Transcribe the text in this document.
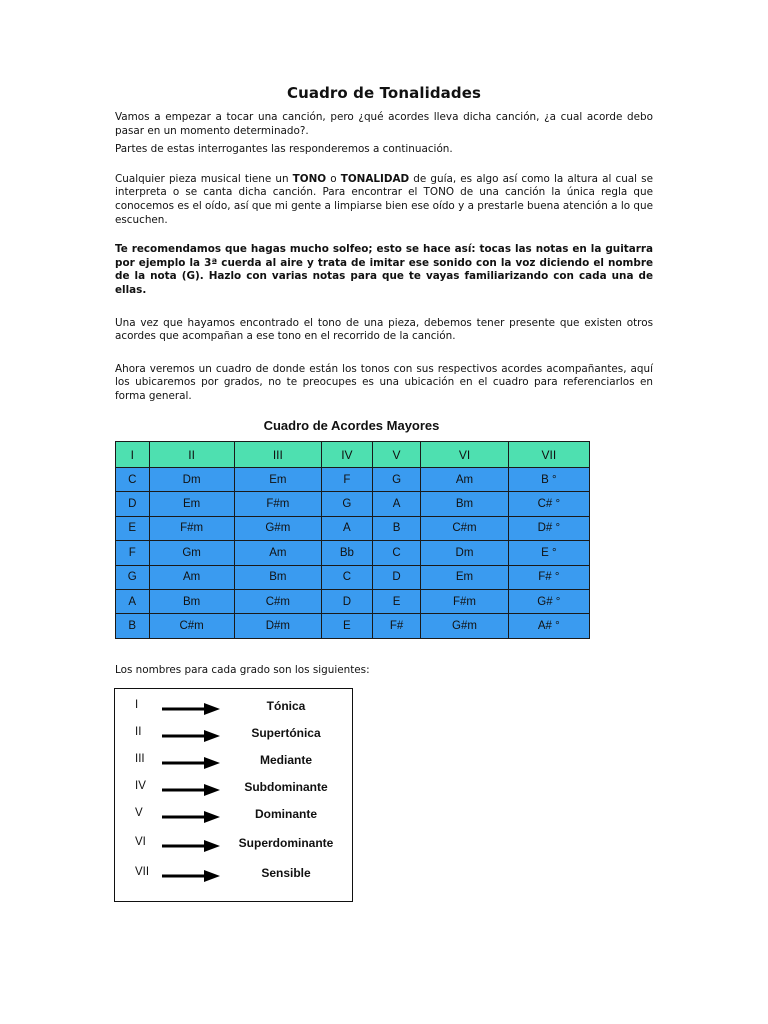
Cuadro de Tonalidades

Vamos a empezar a tocar una canción, pero ¿qué acordes lleva dicha canción, ¿a cual acorde debo pasar en un momento determinado?.

Partes de estas interrogantes las responderemos a continuación.

Cualquier pieza musical tiene un TONO o TONALIDAD de guía, es algo así como la altura al cual se interpreta o se canta dicha canción. Para encontrar el TONO de una canción la única regla que conocemos es el oído, así que mi gente a limpiarse bien ese oído y a prestarle buena atención a lo que escuchen.

Te recomendamos que hagas mucho solfeo; esto se hace así: tocas las notas en la guitarra por ejemplo la 3ª cuerda al aire y trata de imitar ese sonido con la voz diciendo el nombre de la nota (G). Hazlo con varias notas para que te vayas familiarizando con cada una de ellas.

Una vez que hayamos encontrado el tono de una pieza, debemos tener presente que existen otros acordes que acompañan a ese tono en el recorrido de la canción.

Ahora veremos un cuadro de donde están los tonos con sus respectivos acordes acompañantes, aquí los ubicaremos por grados, no te preocupes es una ubicación en el cuadro para referenciarlos en forma general.

Cuadro de Acordes Mayores
I	II	III	IV	V	VI	VII
C	Dm	Em	F	G	Am	B °
D	Em	F#m	G	A	Bm	C# °
E	F#m	G#m	A	B	C#m	D# °
F	Gm	Am	Bb	C	Dm	E °
G	Am	Bm	C	D	Em	F# °
A	Bm	C#m	D	E	F#m	G# °
B	C#m	D#m	E	F#	G#m	A# °
Los nombres para cada grado son los siguientes:
I	Tónica
II	Supertónica
III	Mediante
IV	Subdominante
V	Dominante
VI	Superdominante
VII	Sensible
